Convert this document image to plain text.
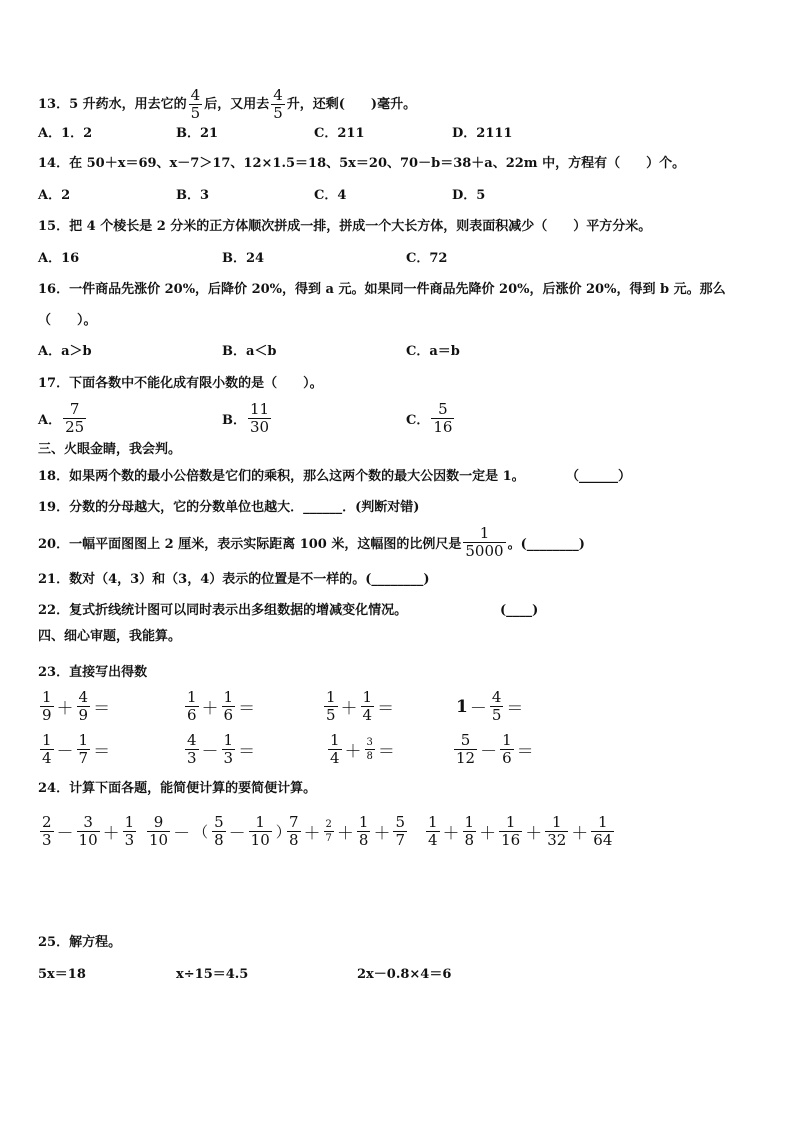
13．5 升药水，用去它的 $\frac{4}{5}$ 后，又用去 $\frac{4}{5}$ 升，还剩(　　)毫升。
A．1．2	B．21	C．211	D．2111
14．在 50＋x＝69、x－7＞17、12×1.5＝18、5x＝20、70－b＝38＋a、22m 中，方程有（　　）个。
A．2	B．3	C．4	D．5
15．把 4 个棱长是 2 分米的正方体顺次拼成一排，拼成一个大长方体，则表面积减少（　　）平方分米。
A．16	B．24	C．72
16．一件商品先涨价 20%，后降价 20%，得到 a 元。如果同一件商品先降价 20%，后涨价 20%，得到 b 元。那么
（　　）。
A．a＞b	B．a＜b	C．a＝b
17．下面各数中不能化成有限小数的是（　　）。
A． $\frac{7}{25}$	B． $\frac{11}{30}$	C． $\frac{5}{16}$
三、火眼金睛，我会判。
18．如果两个数的最小公倍数是它们的乘积，那么这两个数的最大公因数一定是 1。	（______）
19．分数的分母越大，它的分数单位也越大．______．(判断对错)
20．一幅平面图图上 2 厘米，表示实际距离 100 米，这幅图的比例尺是 $\frac{1}{5000}$ 。(________)
21．数对（4，3）和（3，4）表示的位置是不一样的。(________)
22．复式折线统计图可以同时表示出多组数据的增减变化情况。	(____)
四、细心审题，我能算。
23．直接写出得数
$\frac{1}{9} + \frac{4}{9}$ ＝	$\frac{1}{6} + \frac{1}{6}$ ＝	$\frac{1}{5} + \frac{1}{4}$ ＝	$1 - \frac{4}{5}$ ＝
$\frac{1}{4} - \frac{1}{7}$ ＝	$\frac{4}{3} - \frac{1}{3}$ ＝	$\frac{1}{4} + \frac{3}{8}$ ＝	$\frac{5}{12} - \frac{1}{6}$ ＝
24．计算下面各题，能简便计算的要简便计算。
$\frac{2}{3} - \frac{3}{10} + \frac{1}{3} \frac{9}{10}$ － （ $\frac{5}{8} - \frac{1}{10}$ ）
$\frac{7}{8} + \frac{2}{7} + \frac{1}{8} + \frac{5}{7} \frac{1}{4} + \frac{1}{8} + \frac{1}{16} + \frac{1}{32} + \frac{1}{64}$
25．解方程。
5x＝18	x÷15＝4.5	2x－0.8×4＝6
